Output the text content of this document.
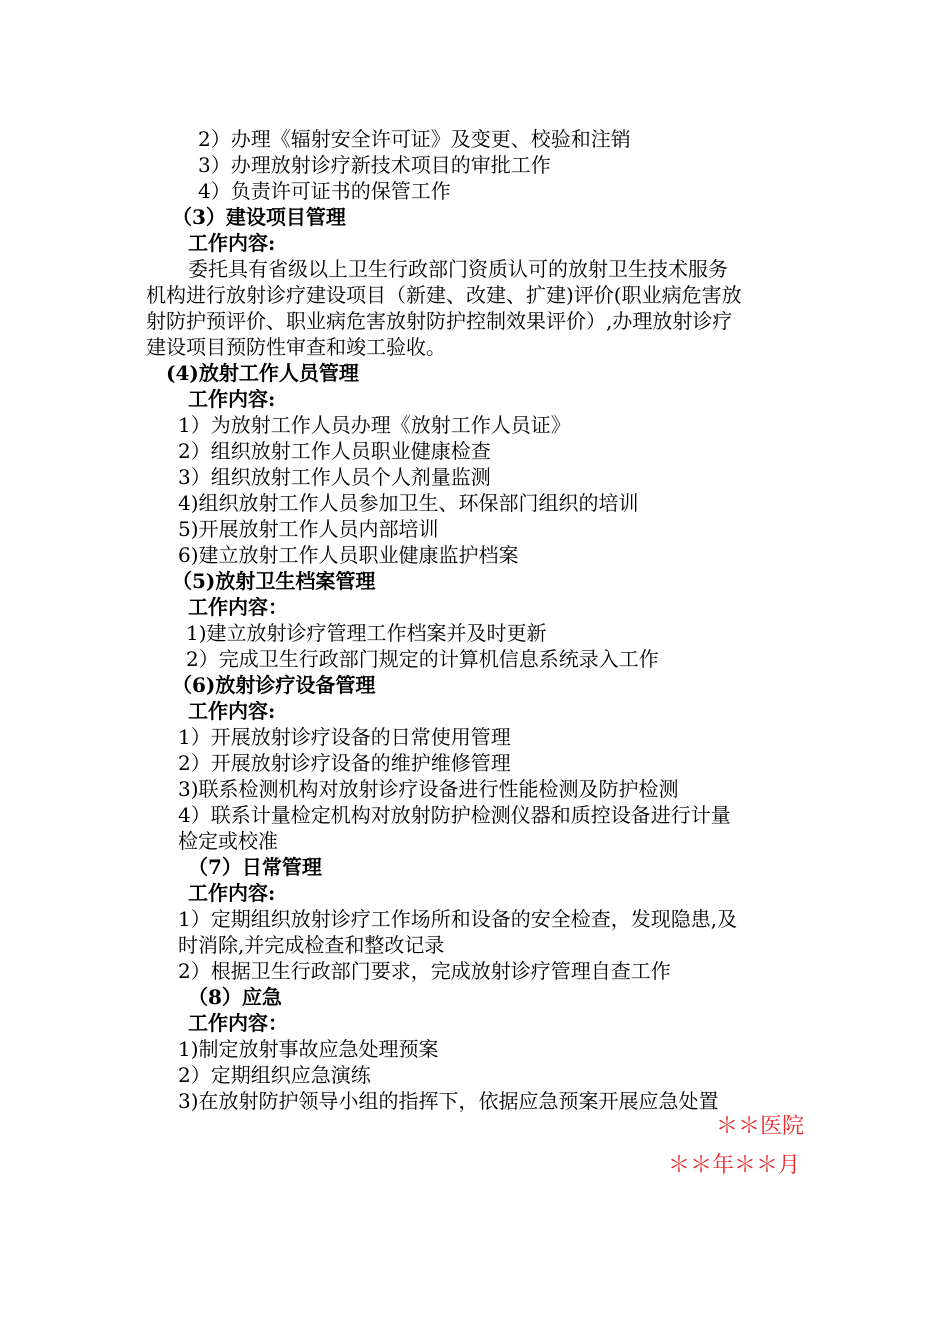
2）办理《辐射安全许可证》及变更、校验和注销
3）办理放射诊疗新技术项目的审批工作
4）负责许可证书的保管工作
（3）建设项目管理
工作内容:
委托具有省级以上卫生行政部门资质认可的放射卫生技术服务
机构进行放射诊疗建设项目（新建、改建、扩建)评价(职业病危害放
射防护预评价、职业病危害放射防护控制效果评价）,办理放射诊疗
建设项目预防性审查和竣工验收。
(4)放射工作人员管理
工作内容:
1）为放射工作人员办理《放射工作人员证》
2）组织放射工作人员职业健康检查
3）组织放射工作人员个人剂量监测
4)组织放射工作人员参加卫生、环保部门组织的培训
5)开展放射工作人员内部培训
6)建立放射工作人员职业健康监护档案
（5)放射卫生档案管理
工作内容：
1)建立放射诊疗管理工作档案并及时更新
2）完成卫生行政部门规定的计算机信息系统录入工作
（6)放射诊疗设备管理
工作内容:
1）开展放射诊疗设备的日常使用管理
2）开展放射诊疗设备的维护维修管理
3)联系检测机构对放射诊疗设备进行性能检测及防护检测
4）联系计量检定机构对放射防护检测仪器和质控设备进行计量
检定或校准
（7）日常管理
工作内容:
1）定期组织放射诊疗工作场所和设备的安全检查，发现隐患,及
时消除,并完成检查和整改记录
2）根据卫生行政部门要求，完成放射诊疗管理自查工作
（8）应急
工作内容：
1)制定放射事故应急处理预案
2）定期组织应急演练
3)在放射防护领导小组的指挥下，依据应急预案开展应急处置
＊＊医院
＊＊年＊＊月
